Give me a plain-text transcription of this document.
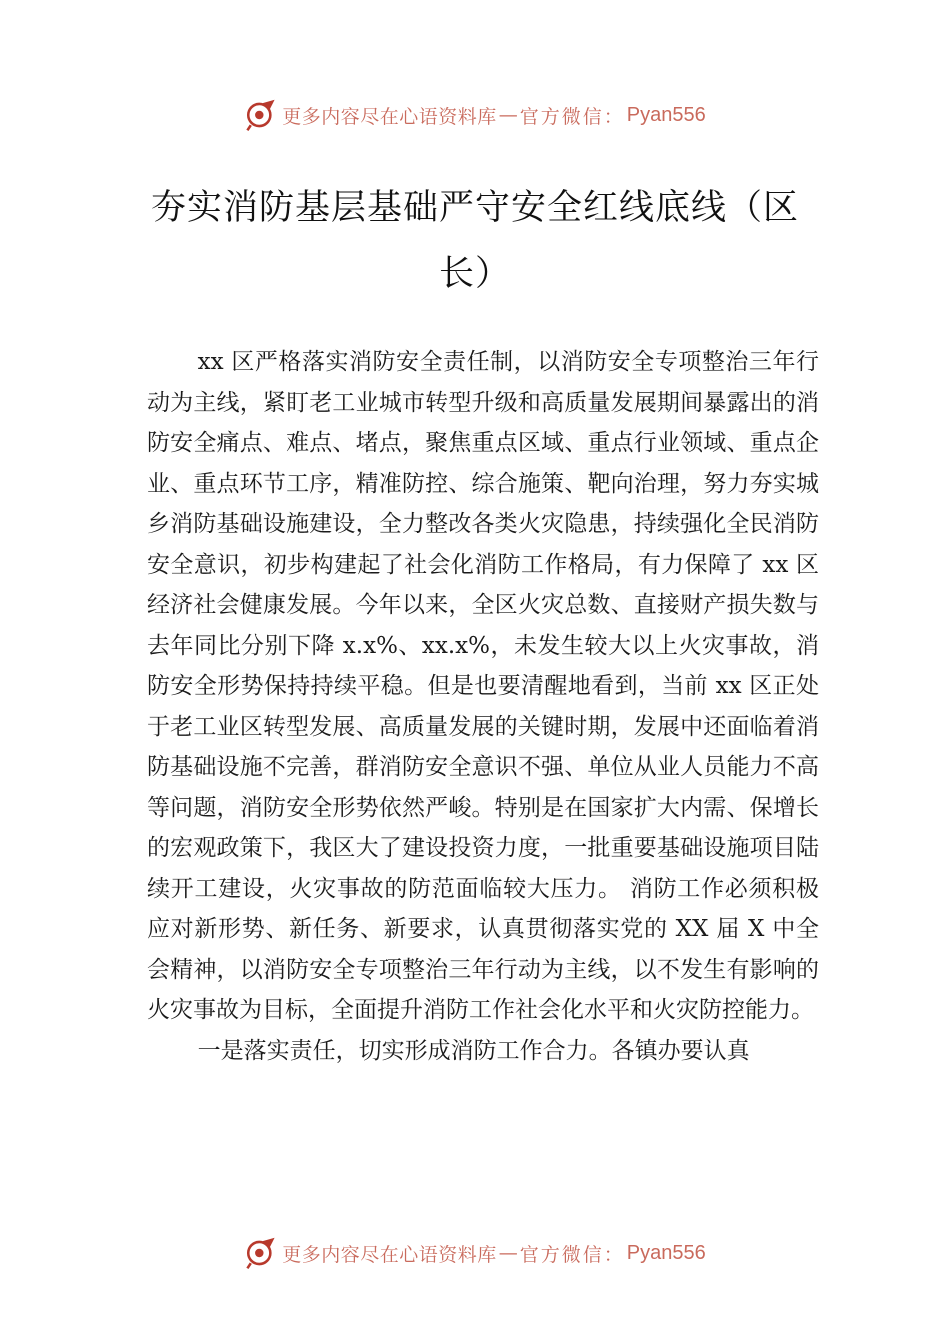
更多内容尽在心语资料库 — 官方微信： Pyan556
夯实消防基层基础严守安全红线底线（区长）

xx 区严格落实消防安全责任制，以消防安全专项整治三年行动为主线，紧盯老工业城市转型升级和高质量发展期间暴露出的消防安全痛点、难点、堵点，聚焦重点区域、重点行业领域、重点企业、重点环节工序，精准防控、综合施策、靶向治理，努力夯实城乡消防基础设施建设，全力整改各类火灾隐患，持续强化全民消防安全意识，初步构建起了社会化消防工作格局，有力保障了 xx 区经济社会健康发展。今年以来，全区火灾总数、直接财产损失数与去年同比分别下降 x.x%、xx.x%，未发生较大以上火灾事故，消防安全形势保持持续平稳。但是也要清醒地看到，当前 xx 区正处于老工业区转型发展、高质量发展的关键时期，发展中还面临着消防基础设施不完善，群消防安全意识不强、单位从业人员能力不高等问题，消防安全形势依然严峻。特别是在国家扩大内需、保增长的宏观政策下，我区大了建设投资力度，一批重要基础设施项目陆续开工建设，火灾事故的防范面临较大压力。 消防工作必须积极应对新形势、新任务、新要求，认真贯彻落实党的 XX 届 X 中全会精神，以消防安全专项整治三年行动为主线，以不发生有影响的火灾事故为目标，全面提升消防工作社会化水平和火灾防控能力。

一是落实责任，切实形成消防工作合力。各镇办要认真

更多内容尽在心语资料库 — 官方微信： Pyan556
